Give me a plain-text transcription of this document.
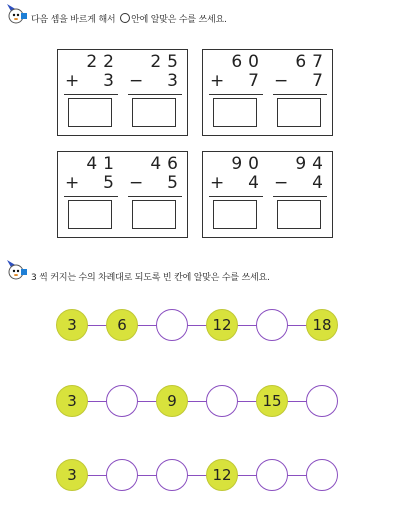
다음 셈을 바르게 해서 안에 알맞은 수를 쓰세요.
22
+ 3
25
− 3
60
+ 7
67
− 7
41
+ 5
46
− 5
90
+ 4
94
− 4
3 씩 커지는 수의 차례대로 되도록 빈 칸에 알맞은 수를 쓰세요.
3	6	12	18
3	9	15
3	12
